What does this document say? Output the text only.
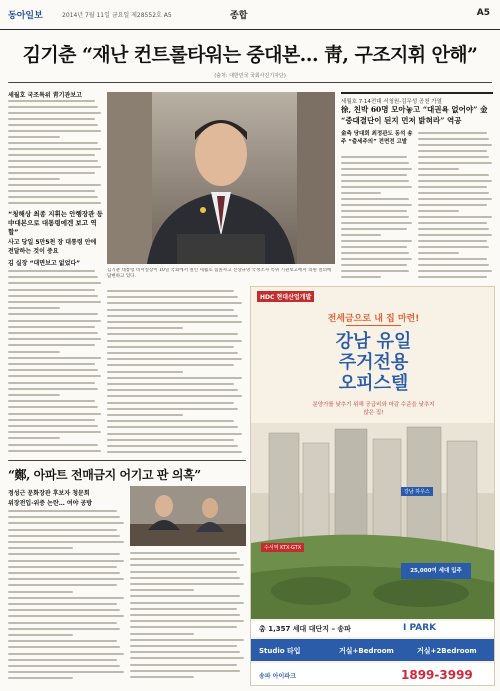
동아일보	2014년 7월 11일 금요일 제28552호 A5	종합	A5
김기춘 “재난 컨트롤타워는 중대본… 靑, 구조지휘 안해”
(출처: 대한민국 국회사진기자단)
세월호 국조특위 靑기관보고
“청해상 최종 지휘는 안행장관 등 中대본으로 대통령에겐 보고 역할”
사고 당일 5만5천 장 대통령 안에 전달하는 것이 중요
김 실장 “대면보고 없었다”
김기춘 대통령 비서실장이 10일 국회에서 열린 세월호 침몰사고 진상규명 국정조사 특위 기관보고에서 의원 질의에 답변하고 있다.
세월호 7·14전대 서청원-김무성 공천 가열
徐, 친박 60명 모아놓고 “대권욕 없어야” 金 “중대결단이 된지 먼저 밝혀라” 역공
金측 당대회 최정관도 동석 송주 “출세주의” 전면전 고발
“鄭, 아파트 전매금지 어기고 판 의혹”
정성근 문화장관 후보자 청문회
위장전입·위증 논란… 여야 공방
HDC 현대산업개발
전세금으로 내 집 마련!
강남 유일
주거전용
오피스텔
분양가를 낮추기 위해 공급비와 마감 수준을 낮추지 않은 집!
강남 하우스
수서역 KTX·GTX
25,000여 세대 입주
총 1,357 세대 대단지 – 송파	I PARK
Studio 타입	거실+Bedroom	거실+2Bedroom
1899-3999
송파 아이파크
